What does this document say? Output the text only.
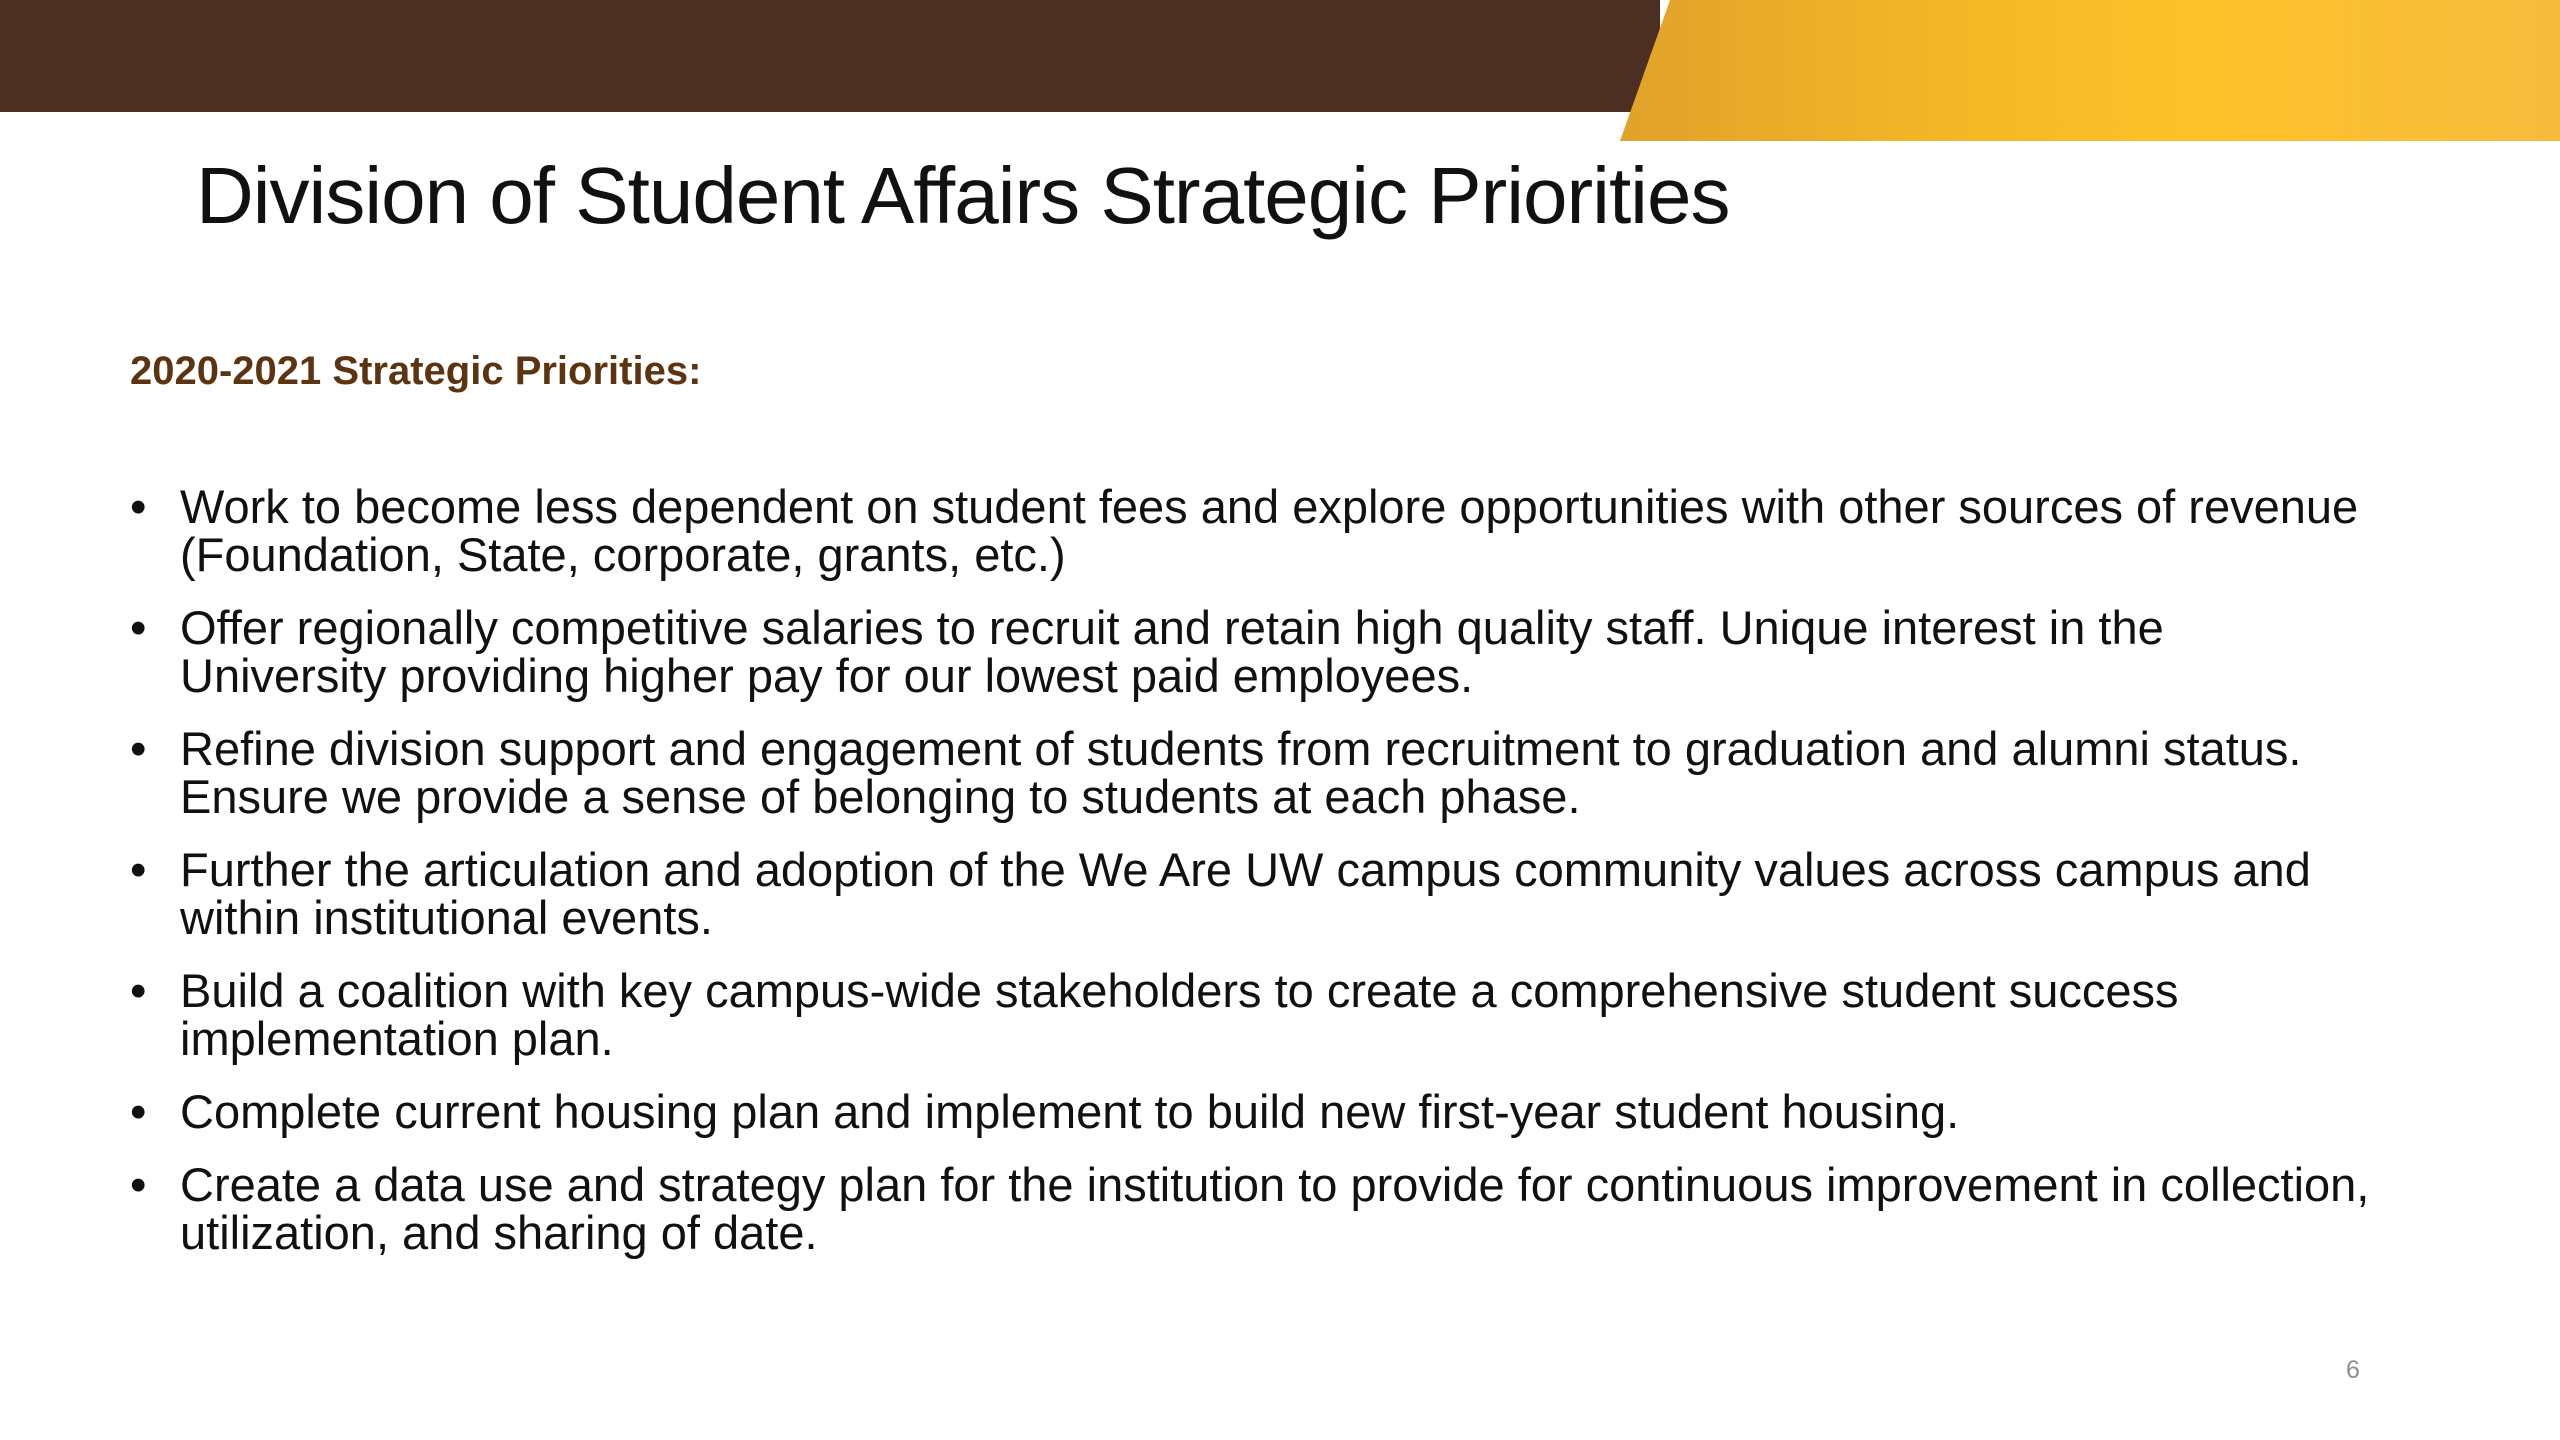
Division of Student Affairs Strategic Priorities
2020-2021 Strategic Priorities:
• Work to become less dependent on student fees and explore opportunities with other sources of revenue (Foundation, State, corporate, grants, etc.)
• Offer regionally competitive salaries to recruit and retain high quality staff. Unique interest in the University providing higher pay for our lowest paid employees.
• Refine division support and engagement of students from recruitment to graduation and alumni status. Ensure we provide a sense of belonging to students at each phase.
• Further the articulation and adoption of the We Are UW campus community values across campus and within institutional events.
• Build a coalition with key campus-wide stakeholders to create a comprehensive student success implementation plan.
• Complete current housing plan and implement to build new first-year student housing.
• Create a data use and strategy plan for the institution to provide for continuous improvement in collection, utilization, and sharing of date.
6
